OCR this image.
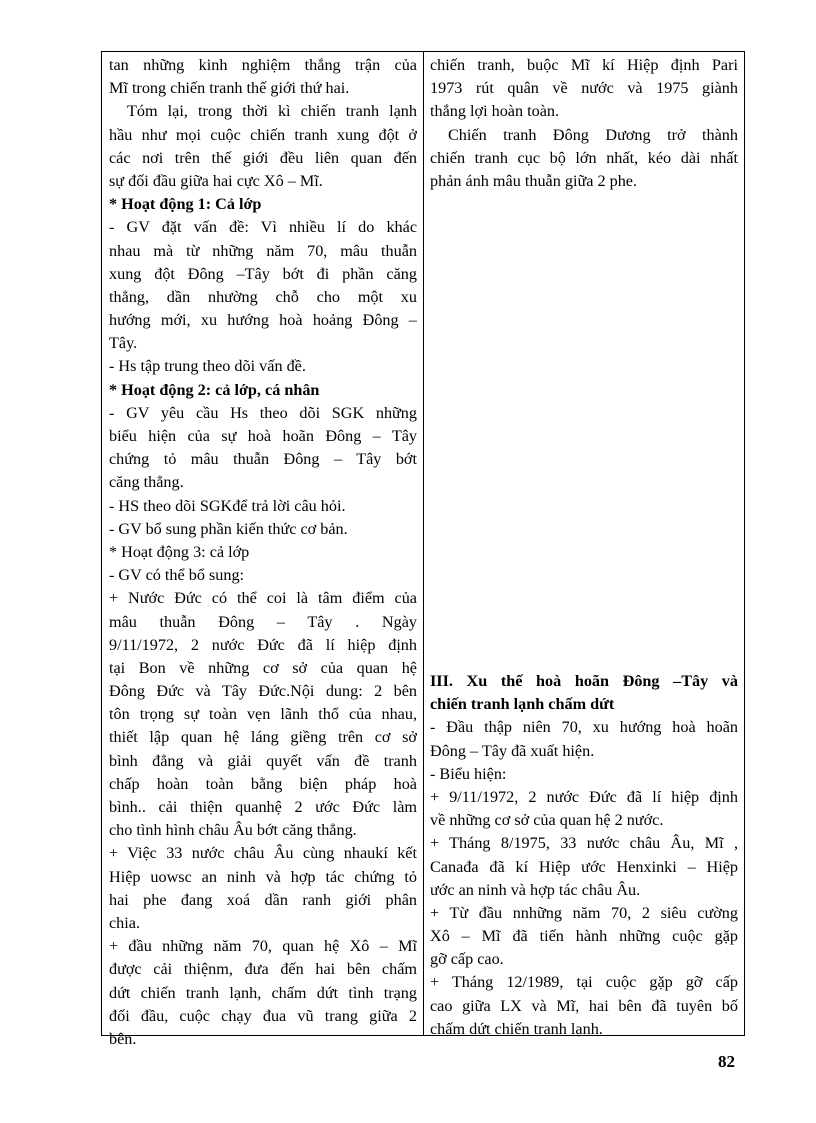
tan những kinh nghiệm thắng trận của
Mĩ trong chiến tranh thế giới thứ hai.
Tóm lại, trong thời kì chiến tranh lạnh
hầu như mọi cuộc chiến tranh xung đột ở
các nơi trên thế giới đều liên quan đến
sự đối đầu giữa hai cực Xô – Mĩ.
* Hoạt động 1: Cả lớp
- GV đặt vấn đề: Vì nhiều lí do khác
nhau mà từ những năm 70, mâu thuẫn
xung đột Đông –Tây bớt đi phần căng
thẳng, dần nhường chỗ cho một xu
hướng mới, xu hướng hoà hoảng Đông –
Tây.
- Hs tập trung theo dõi vấn đề.
* Hoạt động 2: cả lớp, cá nhân
- GV yêu cầu Hs theo dõi SGK những
biểu hiện của sự hoà hoãn Đông – Tây
chứng tỏ mâu thuẫn Đông – Tây bớt
căng thẳng.
- HS theo dõi SGKđể trả lời câu hỏi.
- GV bổ sung phần kiến thức cơ bản.
* Hoạt động 3: cả lớp
- GV có thể bổ sung:
+ Nước Đức có thể coi là tâm điểm của
mâu thuẫn Đông – Tây . Ngày
9/11/1972, 2 nước Đức đã lí hiệp định
tại Bon về những cơ sở của quan hệ
Đông Đức và Tây Đức.Nội dung: 2 bên
tôn trọng sự toàn vẹn lãnh thổ của nhau,
thiết lập quan hệ láng giềng trên cơ sở
bình đẳng và giải quyết vấn đề tranh
chấp hoàn toàn bằng biện pháp hoà
bình.. cải thiện quanhệ 2 ước Đức làm
cho tình hình châu Âu bớt căng thẳng.
+ Việc 33 nước châu Âu cùng nhaukí kết
Hiệp uowsc an ninh và hợp tác chứng tỏ
hai phe đang xoá dần ranh giới phân
chia.
+ đầu những năm 70, quan hệ Xô – Mĩ
được cải thiệnm, đưa đến hai bên chấm
dứt chiến tranh lạnh, chấm dứt tình trạng
đối đầu, cuộc chạy đua vũ trang giữa 2
bên.
chiến tranh, buộc Mĩ kí Hiệp định Pari
1973 rút quân về nước và 1975 giành
thắng lợi hoàn toàn.
Chiến tranh Đông Dương trở thành
chiến tranh cục bộ lớn nhất, kéo dài nhất
phản ánh mâu thuẫn giữa 2 phe.
III. Xu thế hoà hoãn Đông –Tây và
chiến tranh lạnh chấm dứt
- Đầu thập niên 70, xu hướng hoà hoãn
Đông – Tây đã xuất hiện.
- Biểu hiện:
+ 9/11/1972, 2 nước Đức đã lí hiệp định
về những cơ sở của quan hệ 2 nước.
+ Tháng 8/1975, 33 nước châu Âu, Mĩ ,
Canađa đã kí Hiệp ước Henxinki – Hiệp
ước an ninh và hợp tác châu Âu.
+ Từ đầu nnhững năm 70, 2 siêu cường
Xô – Mĩ đã tiến hành những cuộc gặp
gỡ cấp cao.
+ Tháng 12/1989, tại cuộc gặp gỡ cấp
cao giữa LX và Mĩ, hai bên đã tuyên bố
chấm dứt chiến tranh lạnh.
82
